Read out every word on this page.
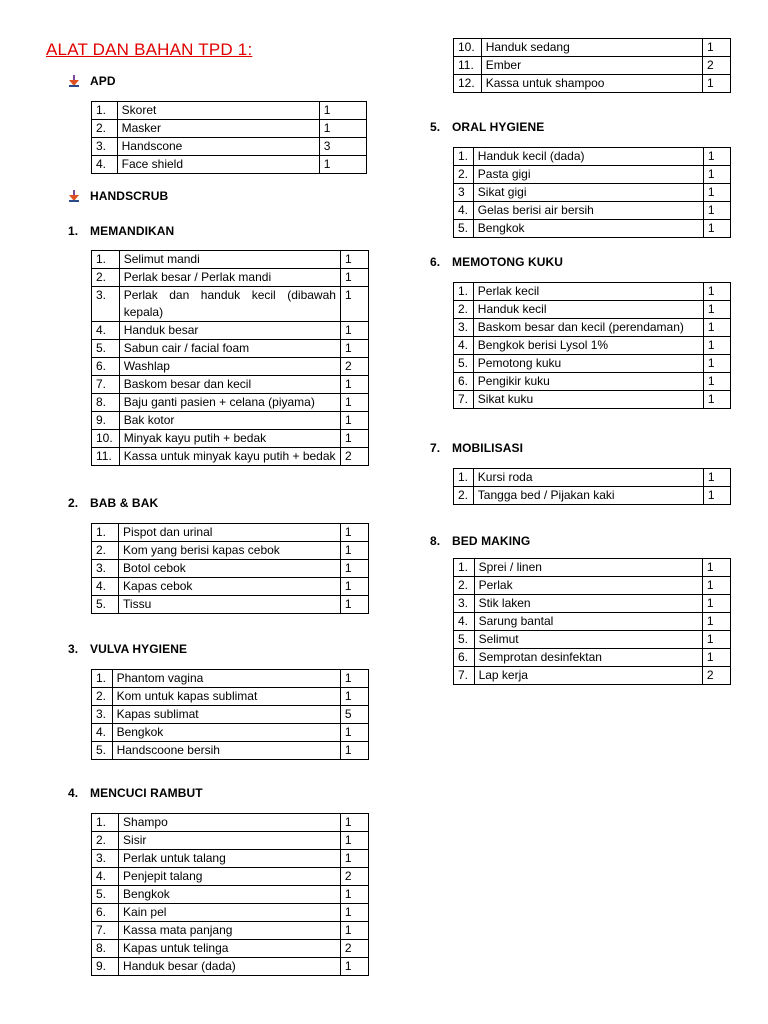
ALAT DAN BAHAN TPD 1:
APD
1.	Skoret	1
2.	Masker	1
3.	Handscone	3
4.	Face shield	1
HANDSCRUB
1. MEMANDIKAN
1.	Selimut mandi	1
2.	Perlak besar / Perlak mandi	1
3.	Perlak dan handuk kecil (dibawah kepala)	1
4.	Handuk besar	1
5.	Sabun cair / facial foam	1
6.	Washlap	2
7.	Baskom besar dan kecil	1
8.	Baju ganti pasien + celana (piyama)	1
9.	Bak kotor	1
10.	Minyak kayu putih + bedak	1
11.	Kassa untuk minyak kayu putih + bedak	2
2. BAB & BAK
1.	Pispot dan urinal	1
2.	Kom yang berisi kapas cebok	1
3.	Botol cebok	1
4.	Kapas cebok	1
5.	Tissu	1
3. VULVA HYGIENE
1.	Phantom vagina	1
2.	Kom untuk kapas sublimat	1
3.	Kapas sublimat	5
4.	Bengkok	1
5.	Handscoone bersih	1
4. MENCUCI RAMBUT
1.	Shampo	1
2.	Sisir	1
3.	Perlak untuk talang	1
4.	Penjepit talang	2
5.	Bengkok	1
6.	Kain pel	1
7.	Kassa mata panjang	1
8.	Kapas untuk telinga	2
9.	Handuk besar (dada)	1
10.	Handuk sedang	1
11.	Ember	2
12.	Kassa untuk shampoo	1
5. ORAL HYGIENE
1.	Handuk kecil (dada)	1
2.	Pasta gigi	1
3	Sikat gigi	1
4.	Gelas berisi air bersih	1
5.	Bengkok	1
6. MEMOTONG KUKU
1.	Perlak kecil	1
2.	Handuk kecil	1
3.	Baskom besar dan kecil (perendaman)	1
4.	Bengkok berisi Lysol 1%	1
5.	Pemotong kuku	1
6.	Pengikir kuku	1
7.	Sikat kuku	1
7. MOBILISASI
1.	Kursi roda	1
2.	Tangga bed / Pijakan kaki	1
8. BED MAKING
1.	Sprei / linen	1
2.	Perlak	1
3.	Stik laken	1
4.	Sarung bantal	1
5.	Selimut	1
6.	Semprotan desinfektan	1
7.	Lap kerja	2
